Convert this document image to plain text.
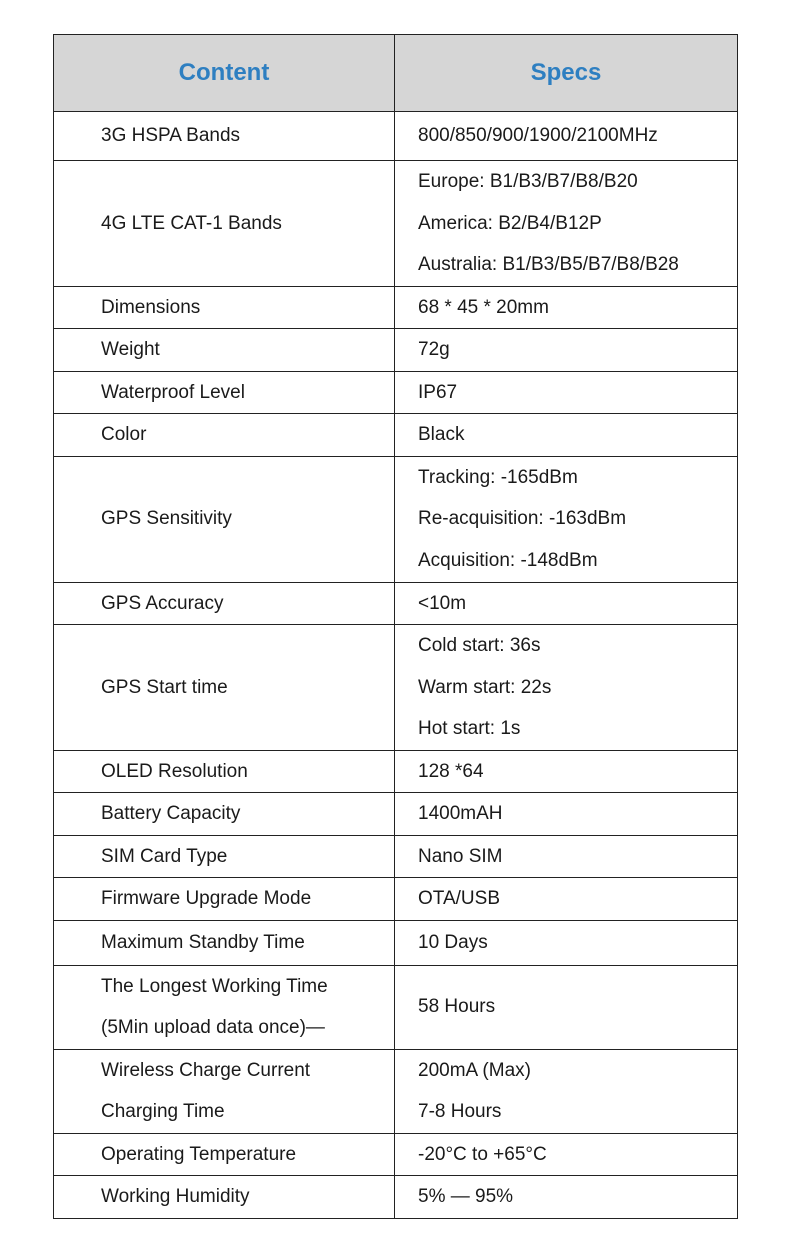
Content	Specs

3G HSPA Bands	800/850/900/1900/2100MHz

4G LTE CAT-1 Bands	Europe: B1/B3/B7/B8/B20
America: B2/B4/B12P
Australia: B1/B3/B5/B7/B8/B28

Dimensions	68 * 45 * 20mm

Weight	72g

Waterproof Level	IP67

Color	Black

GPS Sensitivity	Tracking: -165dBm
Re-acquisition: -163dBm
Acquisition: -148dBm

GPS Accuracy	<10m

GPS Start time	Cold start: 36s
Warm start: 22s
Hot start: 1s

OLED Resolution	128 *64

Battery Capacity	1400mAH

SIM Card Type	Nano SIM

Firmware Upgrade Mode	OTA/USB

Maximum Standby Time	10 Days

The Longest Working Time
(5Min upload data once)—	58 Hours

Wireless Charge Current
Charging Time	200mA (Max)
7-8 Hours

Operating Temperature	-20°C to +65°C

Working Humidity	5% — 95%
